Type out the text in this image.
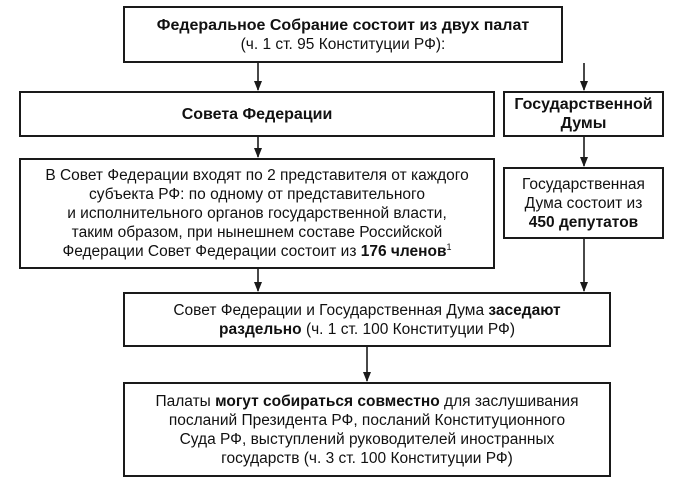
Федеральное Собрание состоит из двух палат
(ч. 1 ст. 95 Конституции РФ):
Совета Федерации
Государственной
Думы
В Совет Федерации входят по 2 представителя от каждого
субъекта РФ: по одному от представительного
и исполнительного органов государственной власти,
таким образом, при нынешнем составе Российской
Федерации Совет Федерации состоит из 176 членов$^1$
Государственная
Дума состоит из
450 депутатов
Совет Федерации и Государственная Дума заседают
раздельно (ч. 1 ст. 100 Конституции РФ)
Палаты могут собираться совместно для заслушивания
посланий Президента РФ, посланий Конституционного
Суда РФ, выступлений руководителей иностранных
государств (ч. 3 ст. 100 Конституции РФ)
